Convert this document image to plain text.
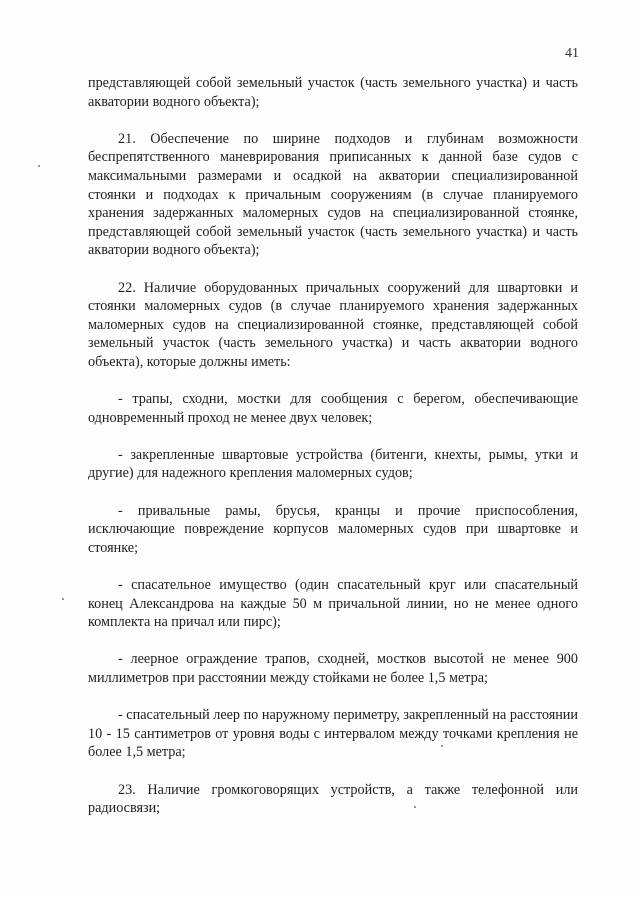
41

представляющей собой земельный участок (часть земельного участка) и часть акватории водного объекта);

21. Обеспечение по ширине подходов и глубинам возможности беспрепятственного маневрирования приписанных к данной базе судов с максимальными размерами и осадкой на акватории специализированной стоянки и подходах к причальным сооружениям (в случае планируемого хранения задержанных маломерных судов на специализированной стоянке, представляющей собой земельный участок (часть земельного участка) и часть акватории водного объекта);

22. Наличие оборудованных причальных сооружений для швартовки и стоянки маломерных судов (в случае планируемого хранения задержанных маломерных судов на специализированной стоянке, представляющей собой земельный участок (часть земельного участка) и часть акватории водного объекта), которые должны иметь:

- трапы, сходни, мостки для сообщения с берегом, обеспечивающие одновременный проход не менее двух человек;

- закрепленные швартовые устройства (битенги, кнехты, рымы, утки и другие) для надежного крепления маломерных судов;

- привальные рамы, брусья, кранцы и прочие приспособления, исключающие повреждение корпусов маломерных судов при швартовке и стоянке;

- спасательное имущество (один спасательный круг или спасательный конец Александрова на каждые 50 м причальной линии, но не менее одного комплекта на причал или пирс);

- леерное ограждение трапов, сходней, мостков высотой не менее 900 миллиметров при расстоянии между стойками не более 1,5 метра;

- спасательный леер по наружному периметру, закрепленный на расстоянии 10 - 15 сантиметров от уровня воды с интервалом между точками крепления не более 1,5 метра;

23. Наличие громкоговорящих устройств, а также телефонной или радиосвязи;
